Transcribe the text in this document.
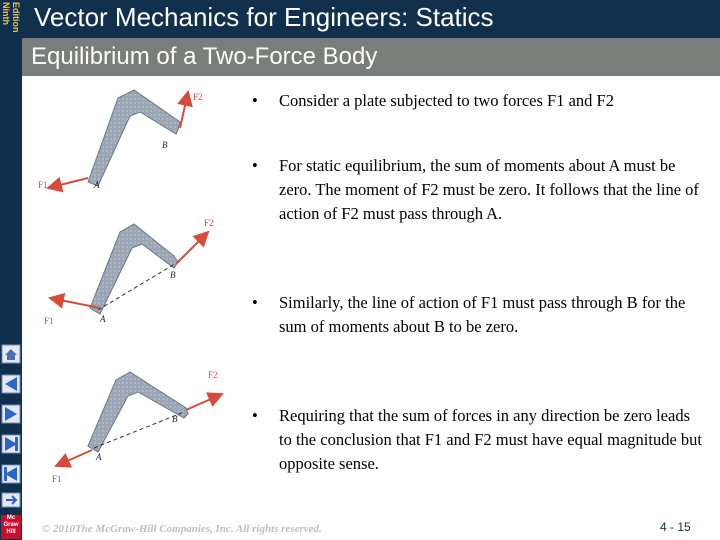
Ninth Edition Vector Mechanics for Engineers: Statics
Equilibrium of a Two-Force Body
F1
F2
A
B
F1
F2
A
B
F1
F2
A
B
• Consider a plate subjected to two forces F1 and F2
• For static equilibrium, the sum of moments about A must be zero. The moment of F2 must be zero. It follows that the line of action of F2 must pass through A.
• Similarly, the line of action of F1 must pass through B for the sum of moments about B to be zero.
• Requiring that the sum of forces in any direction be zero leads to the conclusion that F1 and F2 must have equal magnitude but opposite sense.
Mc
Graw
Hill	© 2010The McGraw-Hill Companies, Inc. All rights reserved.	4 - 15
